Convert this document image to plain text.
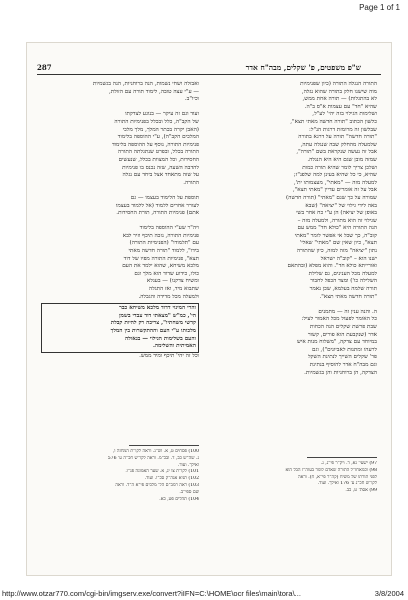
Page 1 of 1
287	ש"פ משפטים, פ' שקלים, מבה"ח אדר
התורה הנגלה התורה (כיון שפנימיות
מוה שישנו חלק בתורה שהוא נגלה,
לא בהתגלות) — תורה אחת ממש,
שהיא "חד" עם עצמות א"ס ב"ה.
ושלימות הגילוי בזה יהי' לע"ל,
כלשון הכתוב "תורה חדשה מאתי תצא",
שבלשון זה מרומזת דרגות הנ"ל:
"תורה חדשה" תורה על דרגא בתורה
שלמעלה מהחלק שבה שנגלה עתה,
אבל זה נעשה שנקראת בשם "תורה",
שמזה מובן שגם היא היא הנגלה.
ושלכן צריך לומר שהיא תורה כמות
שהיא, כי כל שהיא בעינן למה שלפנ"ז;
למעלה מזה — "מאתי", מעצמותו ית',
אבל על זה אומרים עדיין "מאתי תצא",
שמורה על כך שגם "מאתי" (תורה חדשה)
באה לידי גילוי של "יציאה" (שבא
באופן של יציאה) הן ע"י כח אחר בשי
שגילוי זה הוא מתורה, ולמעלה מזה –
הנה התורה היא "כולא חד" ממש עם
קוב"ה, כך שכל אי אפשר לומר "מאתי
תצא", כיון שאין שם "מאתי" שאלי'
נתון "יציאה" מזה למזה, כיון שהתורה
ישנו הוא – "קוב"ה ישראל
ואורייתא כולא חד". והוא מפלא (ובהתאם
למעלה מכל הענינים, גם שלילת
השלילה כו') ומצד הכפל לחבור
תורה שלמה בעלמא, שכן נאמר
"תורה חדשה מאתי תצא".

ה. והנה ענין זה — מתמנים
כל האומר לפעול מכל האמור לעיל:
שבת פרשת שקלים הנה הכחות
אדר (שנקבעת הוא פורים, קשור
במיוחד עם צדקה, "משלוח מנות איש
לרעהו ומתנות לאביונים"), וגם
פר' שקלים השייך לנתינת השקל
וגם מבה"ח אדר להוסיף בנתינת
הצדקה, הן ברוחניות והן בגשמיות.
ואבזלה ושחי נשמות, הנה ברוחניות, הנה בגשמיות
— ע"י עצה טובה, לימוד תורה עם הזולת,
וכיו"ב.

ועוד וגם זה עיקר — בנוגע לצדקתו
של הקב"ה, כלל ובכלל בפנימיות התורה
(האבן יקרה בכתר המלך, מלך מלכי
המלכים הקב"ה), ע"י ההוספה בלימוד
פנימיות התורה, נוסף על ההוספה בלימוד
התורה בכלל, ובפרט שנתגלתה התורה
החסידות, וכל המצוות בכלל, שנעשים
להדבה השעה, שזה נכנס בו פנימיות
על שזה מתאחד אצל ביחד עם נגלה
התורה.

תוספת על הלימוד בעצמו — גם
לעורר אחרים ללמוד (אל ללמוד בעצמו
אתם) פנימיות התורה, תורת החסידות.

ויה"ר שע"י ההוספה בלימוד
פנימיות התורה, נזכה תיכף וזיר לבא
עם "תלמודו" (הפנימיות התורה)
בידו", ללמוד "תורה חדשה מאתי
תצא", פנימיות התורה מפיו של דוד
מלכא משיחא, שהוא ילמד את העם
כולו, כידוע שדוד הוא מלך וגם
ומשיח צדקנו) — בעגלא
שתבוא מיד, ואז התגלה
ולמעלה מכל מדידה והגבלה.
והרי המינוי דדוד מלכא משיחא כבר
הי', כמ"ש "מצאתי דוד עבדי בשמן
קדשי משחתיו", צריכה רק להיות קבלת
מלכותו ע"י העם וההתקשרות בין המלך
והעם בשלימות הגילוי — בגאולה
האמיתית והשלימה.
וכל זה יהי' תיכף ומיד ממש.
97) ישעי' נא, ד. ויק"ר פי"ג, ג.
98) וכמאחז"ל התורה שאדם לומד בעוה"ז הבל הוא
לפני תורתו של משיח (קה"ר פי"א, ח). וראה
לקו"ש חכ"ג ע' 176 ואילך. ועוד.
99) אסת' ט, כב.
100) פסחים ט, א. וש"נ. וראה לקו"ת המחזה ו,
ג. שה"ש כב, ד. ובכ"מ. וראה לקו"ש חכ"ה ע' 576
ואילך. ועוד.
101) לקו"ת צו יג, א. שער האמונה פנ"ו.
102) תניא אגה"ק סכ"ו. ועוד.
103) ראה רמב"ם הל' מלכים פי"א ה"ד. וראה
שם ספי"ב.
104) תהלים פט, כא.
http://www.otzar770.com/cgi-bin/imgserv.exe/convert?iIFN=C:\HOME\ocr files\main\tora\...	3/8/2004
